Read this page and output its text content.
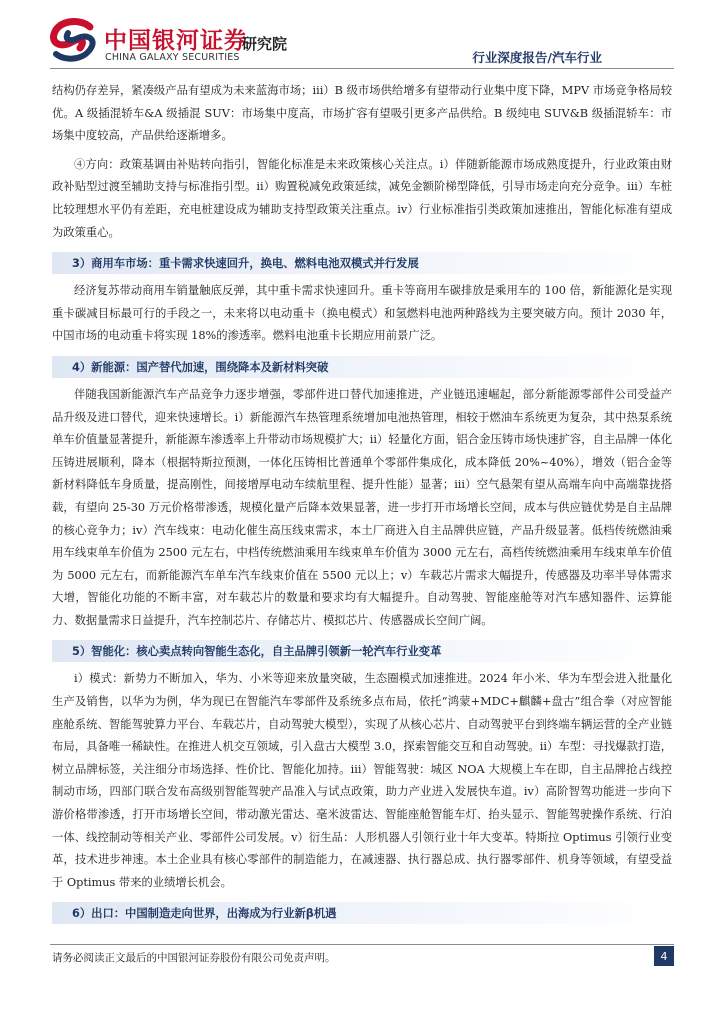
中国银河证券
CHINA GALAXY SECURITIES
研究院
行业深度报告/汽车行业

结构仍存差异，紧凑级产品有望成为未来蓝海市场；iii）B 级市场供给增多有望带动行业集中度下降，MPV 市场竞争格局较优。A 级插混轿车&A 级插混 SUV：市场集中度高，市场扩容有望吸引更多产品供给。B 级纯电 SUV&B 级插混轿车：市场集中度较高，产品供给逐渐增多。

④方向：政策基调由补贴转向指引，智能化标准是未来政策核心关注点。i）伴随新能源市场成熟度提升，行业政策由财政补贴型过渡至辅助支持与标准指引型。ii）购置税减免政策延续，减免金额阶梯型降低，引导市场走向充分竞争。iii）车桩比较理想水平仍有差距，充电桩建设成为辅助支持型政策关注重点。iv）行业标准指引类政策加速推出，智能化标准有望成为政策重心。

3）商用车市场：重卡需求快速回升，换电、燃料电池双模式并行发展

经济复苏带动商用车销量触底反弹，其中重卡需求快速回升。重卡等商用车碳排放是乘用车的 100 倍，新能源化是实现重卡碳减目标最可行的手段之一，未来将以电动重卡（换电模式）和氢燃料电池两种路线为主要突破方向。预计 2030 年，中国市场的电动重卡将实现 18%的渗透率。燃料电池重卡长期应用前景广泛。

4）新能源：国产替代加速，围绕降本及新材料突破

伴随我国新能源汽车产品竞争力逐步增强，零部件进口替代加速推进，产业链迅速崛起，部分新能源零部件公司受益产品升级及进口替代，迎来快速增长。i）新能源汽车热管理系统增加电池热管理，相较于燃油车系统更为复杂，其中热泵系统单车价值量显著提升，新能源车渗透率上升带动市场规模扩大；ii）轻量化方面，铝合金压铸市场快速扩容，自主品牌一体化压铸进展顺利，降本（根据特斯拉预测，一体化压铸相比普通单个零部件集成化，成本降低 20%~40%），增效（铝合金等新材料降低车身质量，提高刚性，间接增厚电动车续航里程、提升性能）显著；iii）空气悬架有望从高端车向中高端靠拢搭载，有望向 25-30 万元价格带渗透，规模化量产后降本效果显著，进一步打开市场增长空间，成本与供应链优势是自主品牌的核心竞争力；iv）汽车线束：电动化催生高压线束需求，本土厂商进入自主品牌供应链，产品升级显著。低档传统燃油乘用车线束单车价值为 2500 元左右，中档传统燃油乘用车线束单车价值为 3000 元左右，高档传统燃油乘用车线束单车价值为 5000 元左右，而新能源汽车单车汽车线束价值在 5500 元以上；v）车载芯片需求大幅提升，传感器及功率半导体需求大增，智能化功能的不断丰富，对车载芯片的数量和要求均有大幅提升。自动驾驶、智能座舱等对汽车感知器件、运算能力、数据量需求日益提升，汽车控制芯片、存储芯片、模拟芯片、传感器成长空间广阔。

5）智能化：核心卖点转向智能生态化，自主品牌引领新一轮汽车行业变革

i）模式：新势力不断加入，华为、小米等迎来放量突破，生态圈模式加速推进。2024 年小米、华为车型会进入批量化生产及销售，以华为为例，华为现已在智能汽车零部件及系统多点布局，依托“鸿蒙+MDC+麒麟+盘古”组合拳（对应智能座舱系统、智能驾驶算力平台、车载芯片，自动驾驶大模型），实现了从核心芯片、自动驾驶平台到终端车辆运营的全产业链布局，具备唯一稀缺性。在推进人机交互领域，引入盘古大模型 3.0，探索智能交互和自动驾驶。ii）车型：寻找爆款打造，树立品牌标签，关注细分市场选择、性价比、智能化加持。iii）智能驾驶：城区 NOA 大规模上车在即，自主品牌抢占线控制动市场，四部门联合发布高级别智能驾驶产品准入与试点政策，助力产业进入发展快车道。iv）高阶智驾功能进一步向下游价格带渗透，打开市场增长空间，带动激光雷达、毫米波雷达、智能座舱智能车灯、抬头显示、智能驾驶操作系统、行泊一体、线控制动等相关产业、零部件公司发展。v）衍生品：人形机器人引领行业十年大变革。特斯拉 Optimus 引领行业变革，技术进步神速。本土企业具有核心零部件的制造能力，在减速器、执行器总成、执行器零部件、机身等领域，有望受益于 Optimus 带来的业绩增长机会。

6）出口：中国制造走向世界，出海成为行业新β机遇
请务必阅读正文最后的中国银河证券股份有限公司免责声明。	4
